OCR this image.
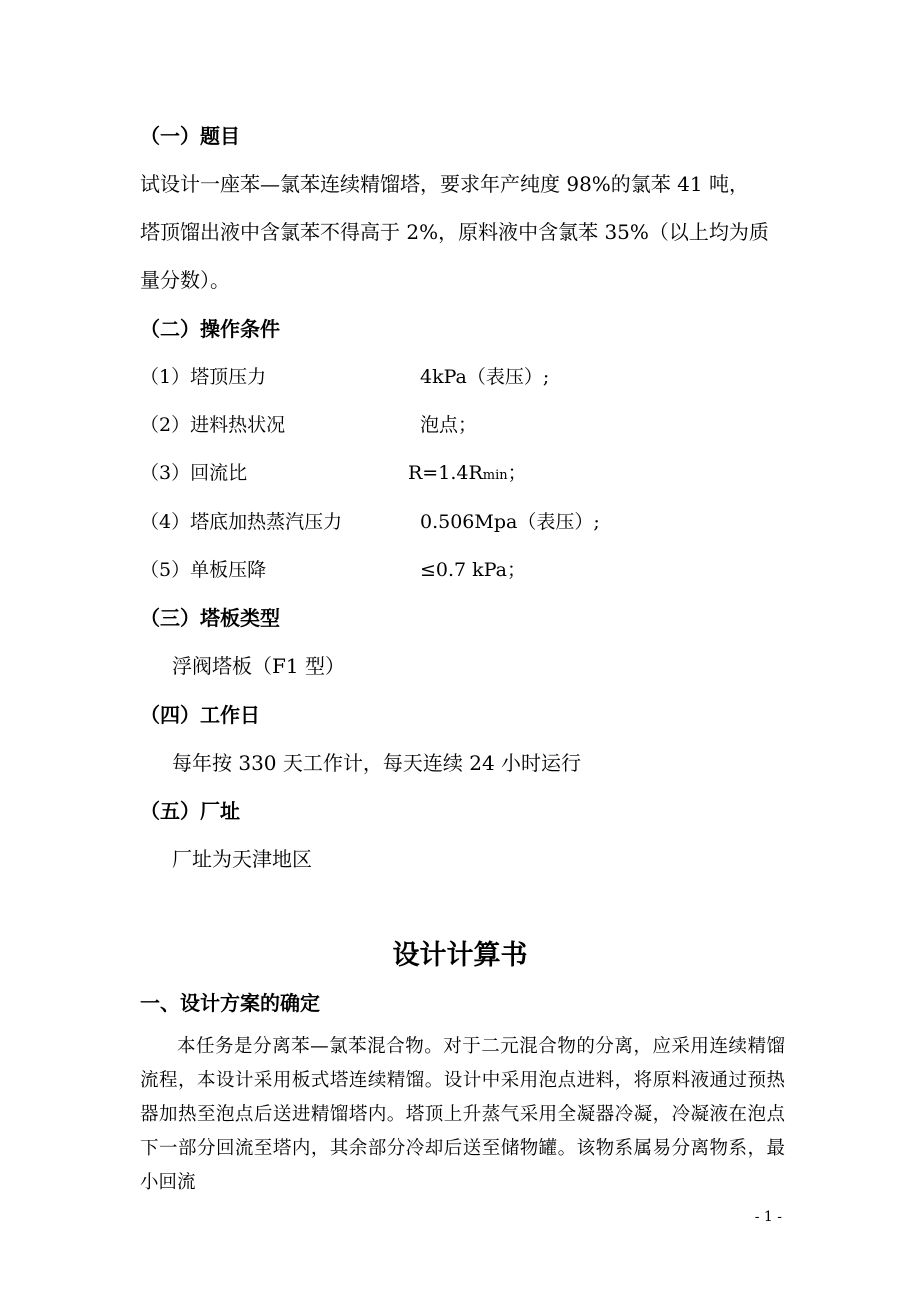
（一）题目
试设计一座苯—氯苯连续精馏塔，要求年产纯度 98%的氯苯 41 吨，
塔顶馏出液中含氯苯不得高于 2%，原料液中含氯苯 35%（以上均为质
量分数）。
（二）操作条件
（1）塔顶压力	4kPa（表压）;
（2）进料热状况	泡点；
（3）回流比	R=1.4Rmin；
（4）塔底加热蒸汽压力	0.506Mpa（表压）;
（5）单板压降	≤0.7 kPa；
（三）塔板类型
浮阀塔板（F1 型）
（四）工作日
每年按 330 天工作计，每天连续 24 小时运行
（五）厂址
厂址为天津地区
设计计算书
一、设计方案的确定

本任务是分离苯—氯苯混合物。对于二元混合物的分离，应采用连续精馏流程，本设计采用板式塔连续精馏。设计中采用泡点进料，将原料液通过预热器加热至泡点后送进精馏塔内。塔顶上升蒸气采用全凝器冷凝，冷凝液在泡点下一部分回流至塔内，其余部分冷却后送至储物罐。该物系属易分离物系，最小回流

- 1 -
